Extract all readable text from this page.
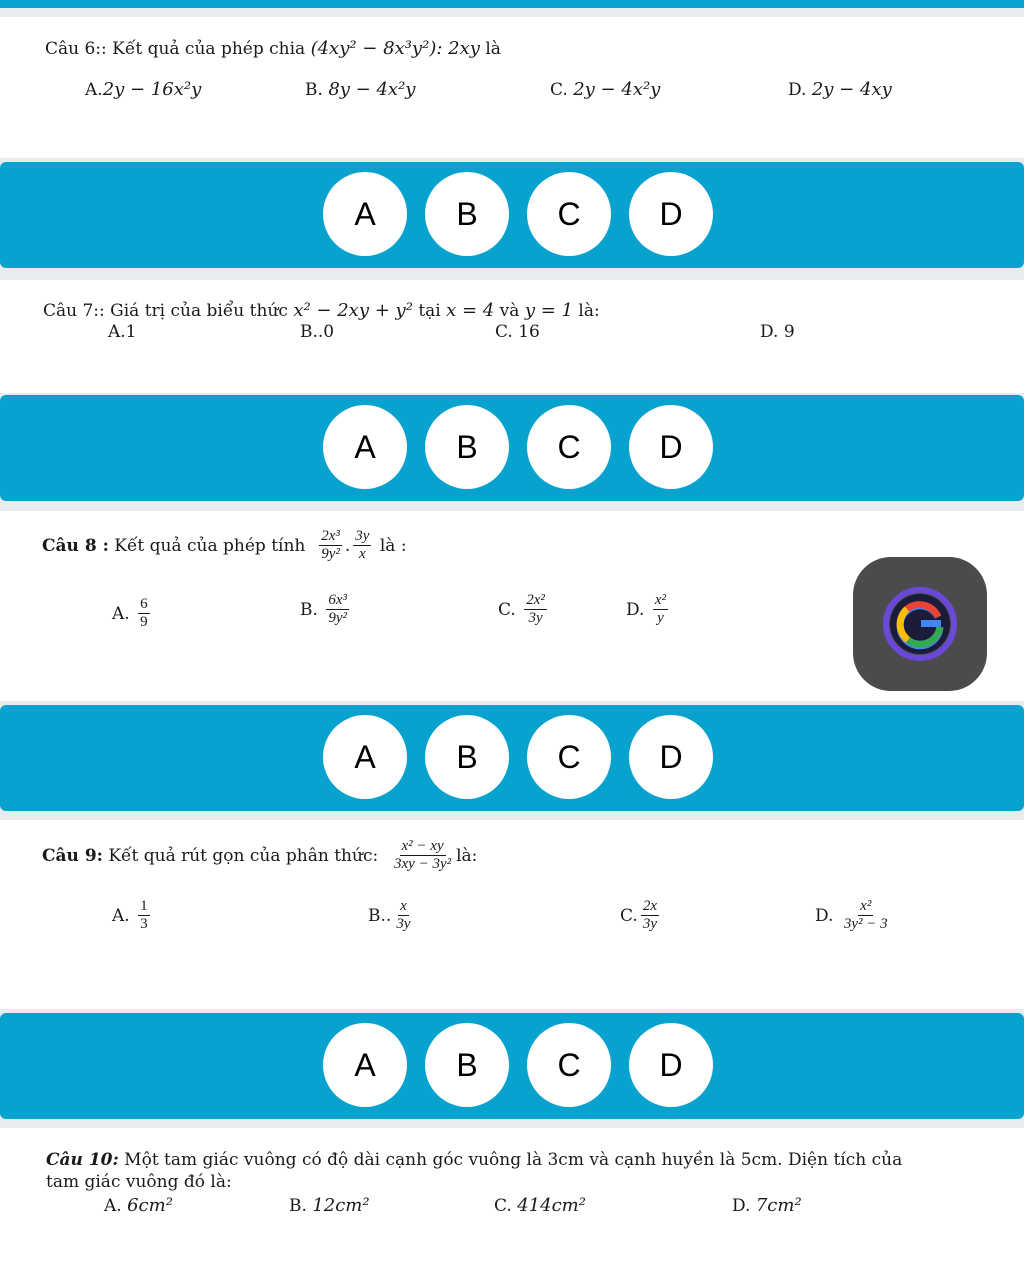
Câu 6:: Kết quả của phép chia (4xy² − 8x³y²): 2xy là
A.2y − 16x²y	B. 8y − 4x²y	C. 2y − 4x²y	D. 2y − 4xy
A	B	C	D
Câu 7:: Giá trị của biểu thức x² − 2xy + y² tại x = 4 và y = 1 là:
A.1	B..0	C. 16	D. 9
A	B	C	D
Câu 8 :
Kết quả của phép tính
$\frac{\text{2x³}}{\text{9y²}}$ . $\frac{3y}{x}$
là :
A.
$\frac{6}{9}$	B.
$\frac{\text{6x³}}{\text{9y²}}$	C.
$\frac{\text{2x²}}{3y}$	D.
$\frac{\text{x²}}{y}$	G
A	B	C	D
Câu 9:
Kết quả rút gọn của phân thức:
$\frac{\text{x² − xy}}{\text{3xy − 3y²}}$ là:
A.
$\frac{1}{3}$	B.. $\frac{x}{3y}$	C. $\frac{2x}{3y}$	D.
$\frac{\text{x²}}{\text{3y² − 3}}$
A	B	C	D
Câu 10: Một tam giác vuông có độ dài cạnh góc vuông là 3cm và cạnh huyền là 5cm. Diện tích của
tam giác vuông đó là:
A. 6cm²	B. 12cm²	C. 414cm²	D. 7cm²
